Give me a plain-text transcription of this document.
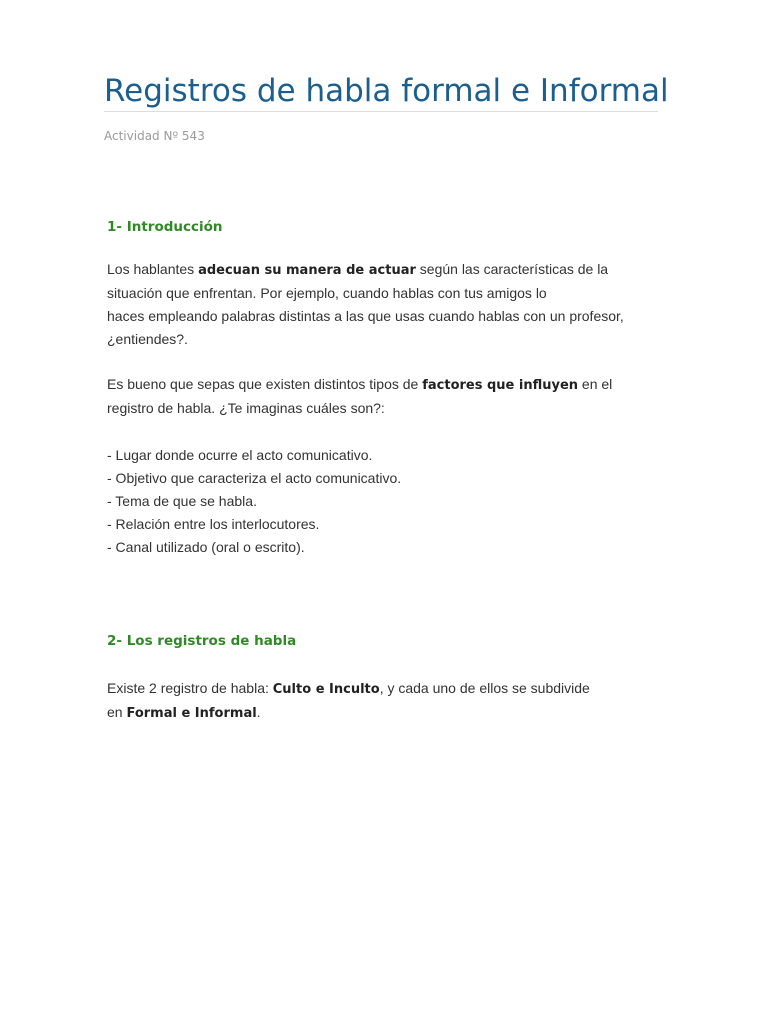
Registros de habla formal e Informal
Actividad Nº 543
1- Introducción

Los hablantes adecuan su manera de actuar según las características de la
situación que enfrentan. Por ejemplo, cuando hablas con tus amigos lo
haces empleando palabras distintas a las que usas cuando hablas con un profesor,
¿entiendes?.

Es bueno que sepas que existen distintos tipos de factores que influyen en el
registro de habla. ¿Te imaginas cuáles son?:

- Lugar donde ocurre el acto comunicativo.
- Objetivo que caracteriza el acto comunicativo.
- Tema de que se habla.
- Relación entre los interlocutores.
- Canal utilizado (oral o escrito).
2- Los registros de habla

Existe 2 registro de habla: Culto e Inculto, y cada uno de ellos se subdivide
en Formal e Informal.
